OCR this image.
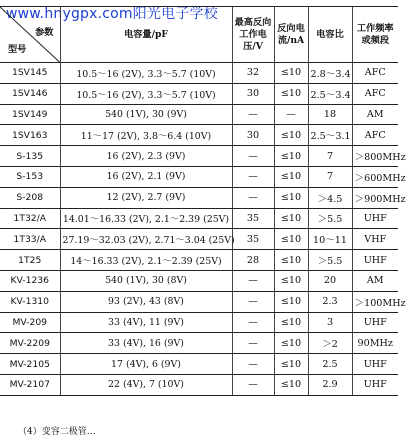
www.hnygpx.com阳光电子学校
参数
型号	电容量/pF	最高反向工作电压/V	反向电流/nA	电容比	工作频率或频段
1SV145	10.5～16 (2V), 3.3～5.7 (10V)	32	≤10	2.8～3.4	AFC
1SV146	10.5～16 (2V), 3.3～5.7 (10V)	30	≤10	2.5～3.4	AFC
1SV149	540 (1V), 30 (9V)	—	—	18	AM
1SV163	11～17 (2V), 3.8～6.4 (10V)	30	≤10	2.5～3.1	AFC
S-135	16 (2V), 2.3 (9V)	—	≤10	7	＞800MHz
S-153	16 (2V), 2.1 (9V)	—	≤10	7	＞600MHz
S-208	12 (2V), 2.7 (9V)	—	≤10	＞4.5	＞900MHz
1T32/A	14.01～16.33 (2V), 2.1～2.39 (25V)	35	≤10	＞5.5	UHF
1T33/A	27.19～32.03 (2V), 2.71～3.04 (25V)	35	≤10	10～11	VHF
1T25	14～16.33 (2V), 2.1～2.39 (25V)	28	≤10	＞5.5	UHF
KV-1236	540 (1V), 30 (8V)	—	≤10	20	AM
KV-1310	93 (2V), 43 (8V)	—	≤10	2.3	＞100MHz
MV-209	33 (4V), 11 (9V)	—	≤10	3	UHF
MV-2209	33 (4V), 16 (9V)	—	≤10	＞2	90MHz
MV-2105	17 (4V), 6 (9V)	—	≤10	2.5	UHF
MV-2107	22 (4V), 7 (10V)	—	≤10	2.9	UHF
（4）变容二极管…
